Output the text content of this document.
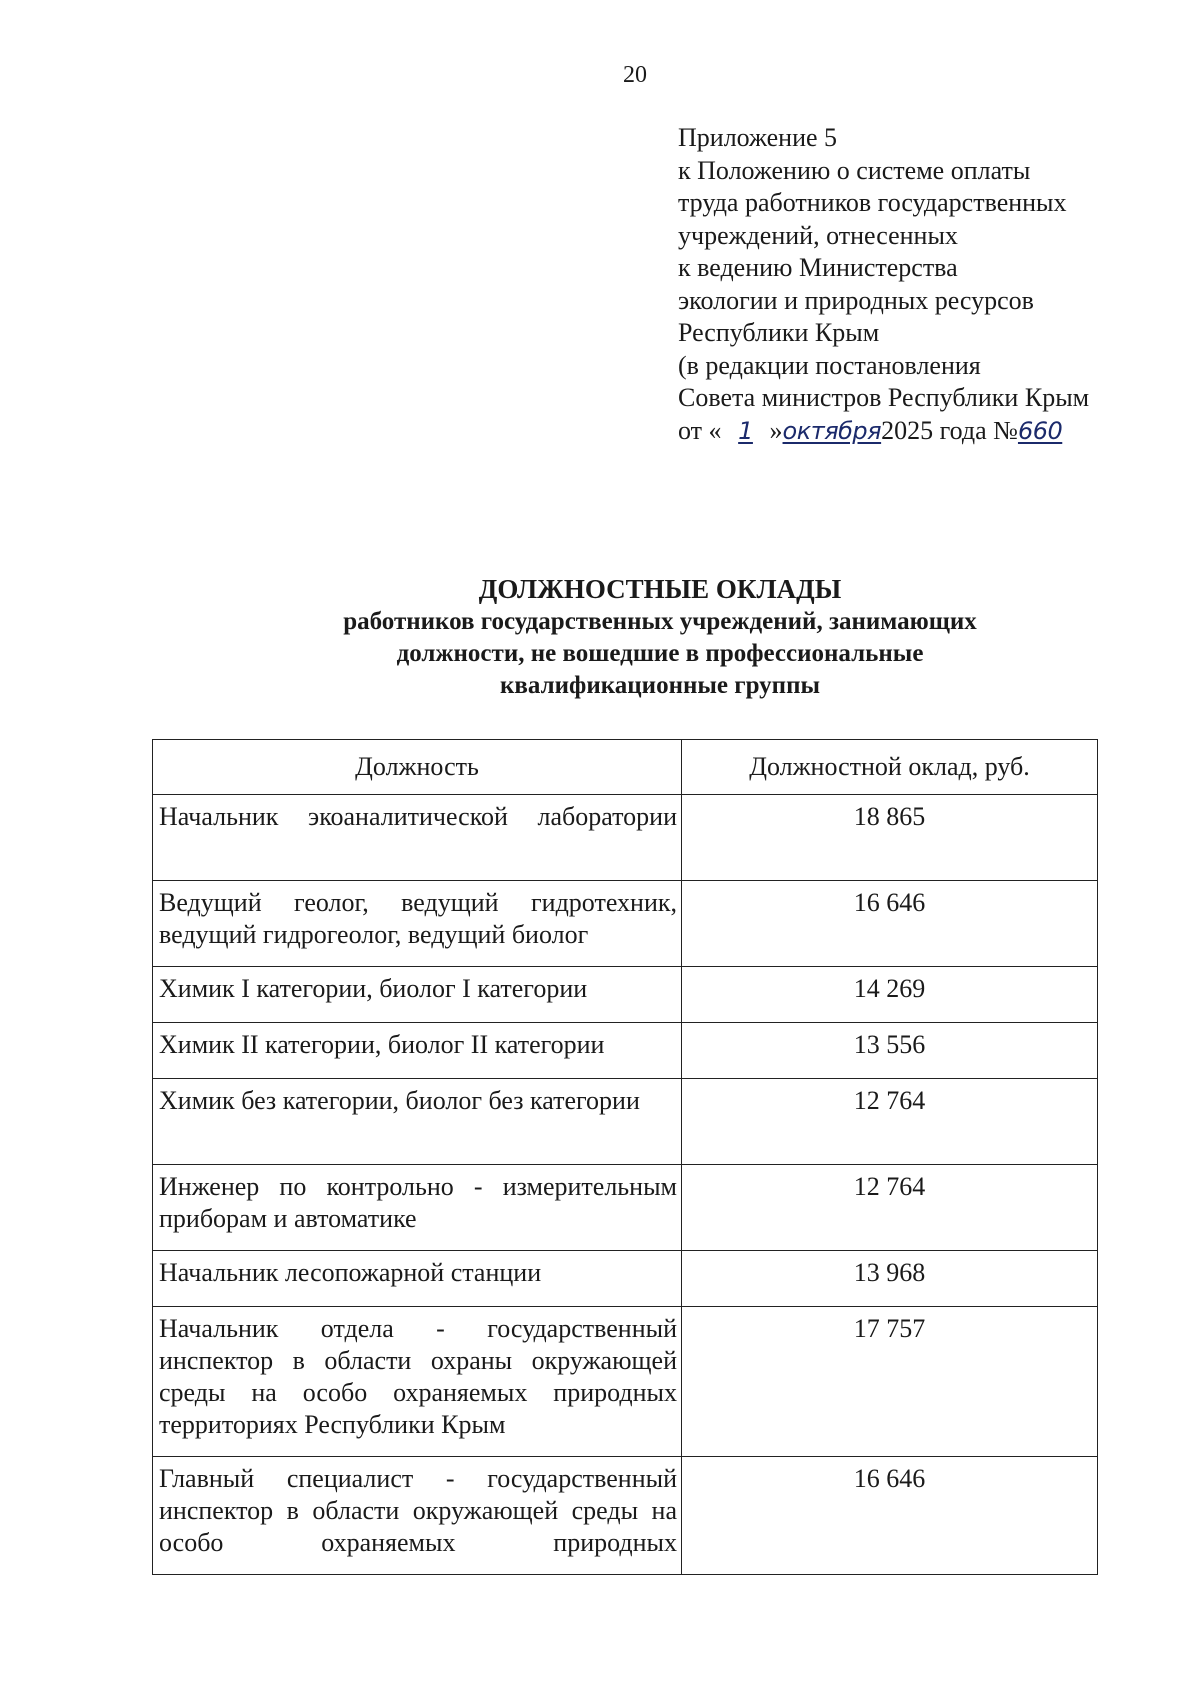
20
Приложение 5
к Положению о системе оплаты
труда работников государственных
учреждений, отнесенных
к ведению Министерства
экологии и природных ресурсов
Республики Крым
(в редакции постановления
Совета министров Республики Крым
от « 1 »октября2025 года №660
ДОЛЖНОСТНЫЕ ОКЛАДЫ
работников государственных учреждений, занимающих
должности, не вошедшие в профессиональные
квалификационные группы
Должность	Должностной оклад, руб.
Начальник экоаналитической лаборатории	18 865
Ведущий геолог, ведущий гидротехник, ведущий гидрогеолог, ведущий биолог	16 646
Химик I категории, биолог I категории	14 269
Химик II категории, биолог II категории	13 556
Химик без категории, биолог без категории	12 764
Инженер по контрольно - измерительным приборам и автоматике	12 764
Начальник лесопожарной станции	13 968
Начальник отдела - государственный инспектор в области охраны окружающей среды на особо охраняемых природных территориях Республики Крым	17 757
Главный специалист - государственный инспектор в области окружающей среды на особо охраняемых природных	16 646
